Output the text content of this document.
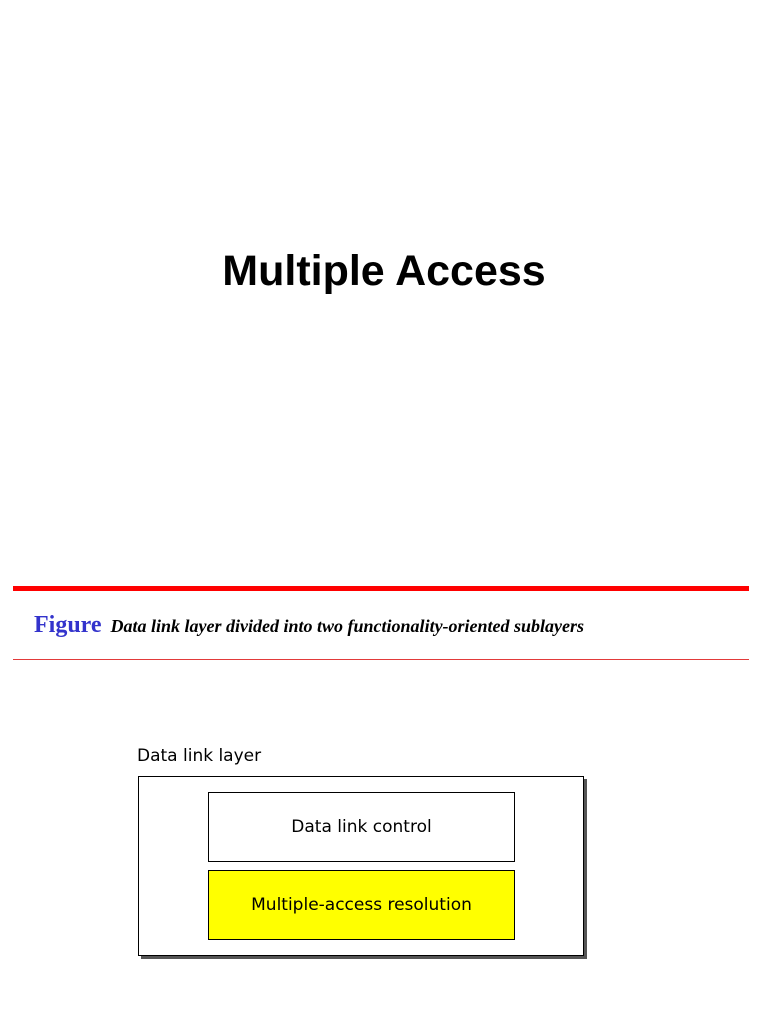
Multiple Access
Figure Data link layer divided into two functionality-oriented sublayers
Data link layer
Data link control
Multiple-access resolution
